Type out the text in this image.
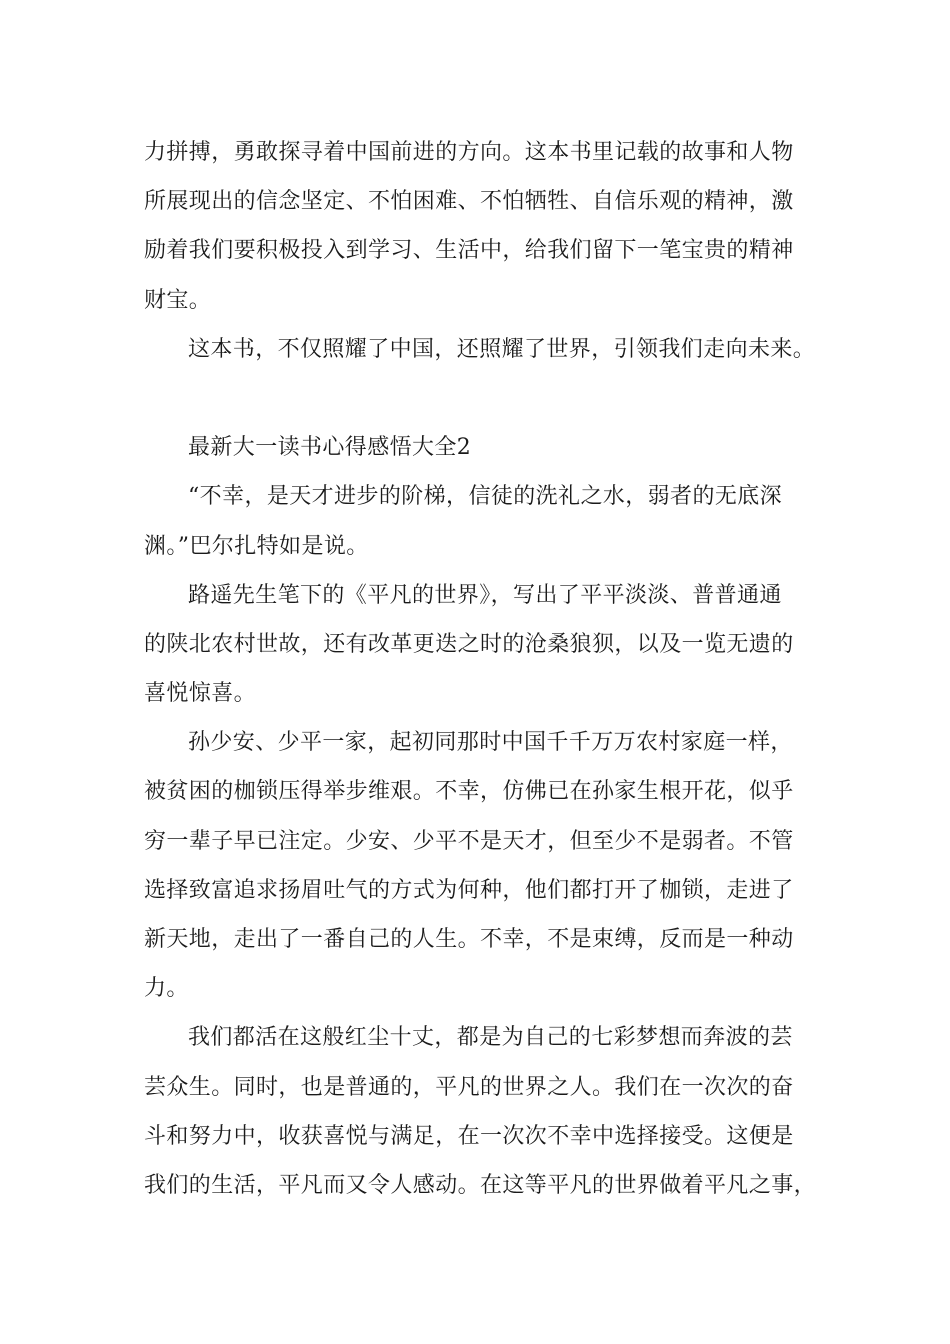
力拼搏，勇敢探寻着中国前进的方向。这本书里记载的故事和人物
所展现出的信念坚定、不怕困难、不怕牺牲、自信乐观的精神，激
励着我们要积极投入到学习、生活中，给我们留下一笔宝贵的精神
财宝。
这本书，不仅照耀了中国，还照耀了世界，引领我们走向未来。
最新大一读书心得感悟大全2
“不幸，是天才进步的阶梯，信徒的洗礼之水，弱者的无底深
渊。”巴尔扎特如是说。
路遥先生笔下的《平凡的世界》，写出了平平淡淡、普普通通
的陕北农村世故，还有改革更迭之时的沧桑狼狈，以及一览无遗的
喜悦惊喜。
孙少安、少平一家，起初同那时中国千千万万农村家庭一样，
被贫困的枷锁压得举步维艰。不幸，仿佛已在孙家生根开花，似乎
穷一辈子早已注定。少安、少平不是天才，但至少不是弱者。不管
选择致富追求扬眉吐气的方式为何种，他们都打开了枷锁，走进了
新天地，走出了一番自己的人生。不幸，不是束缚，反而是一种动
力。
我们都活在这般红尘十丈，都是为自己的七彩梦想而奔波的芸
芸众生。同时，也是普通的，平凡的世界之人。我们在一次次的奋
斗和努力中，收获喜悦与满足，在一次次不幸中选择接受。这便是
我们的生活，平凡而又令人感动。在这等平凡的世界做着平凡之事，
